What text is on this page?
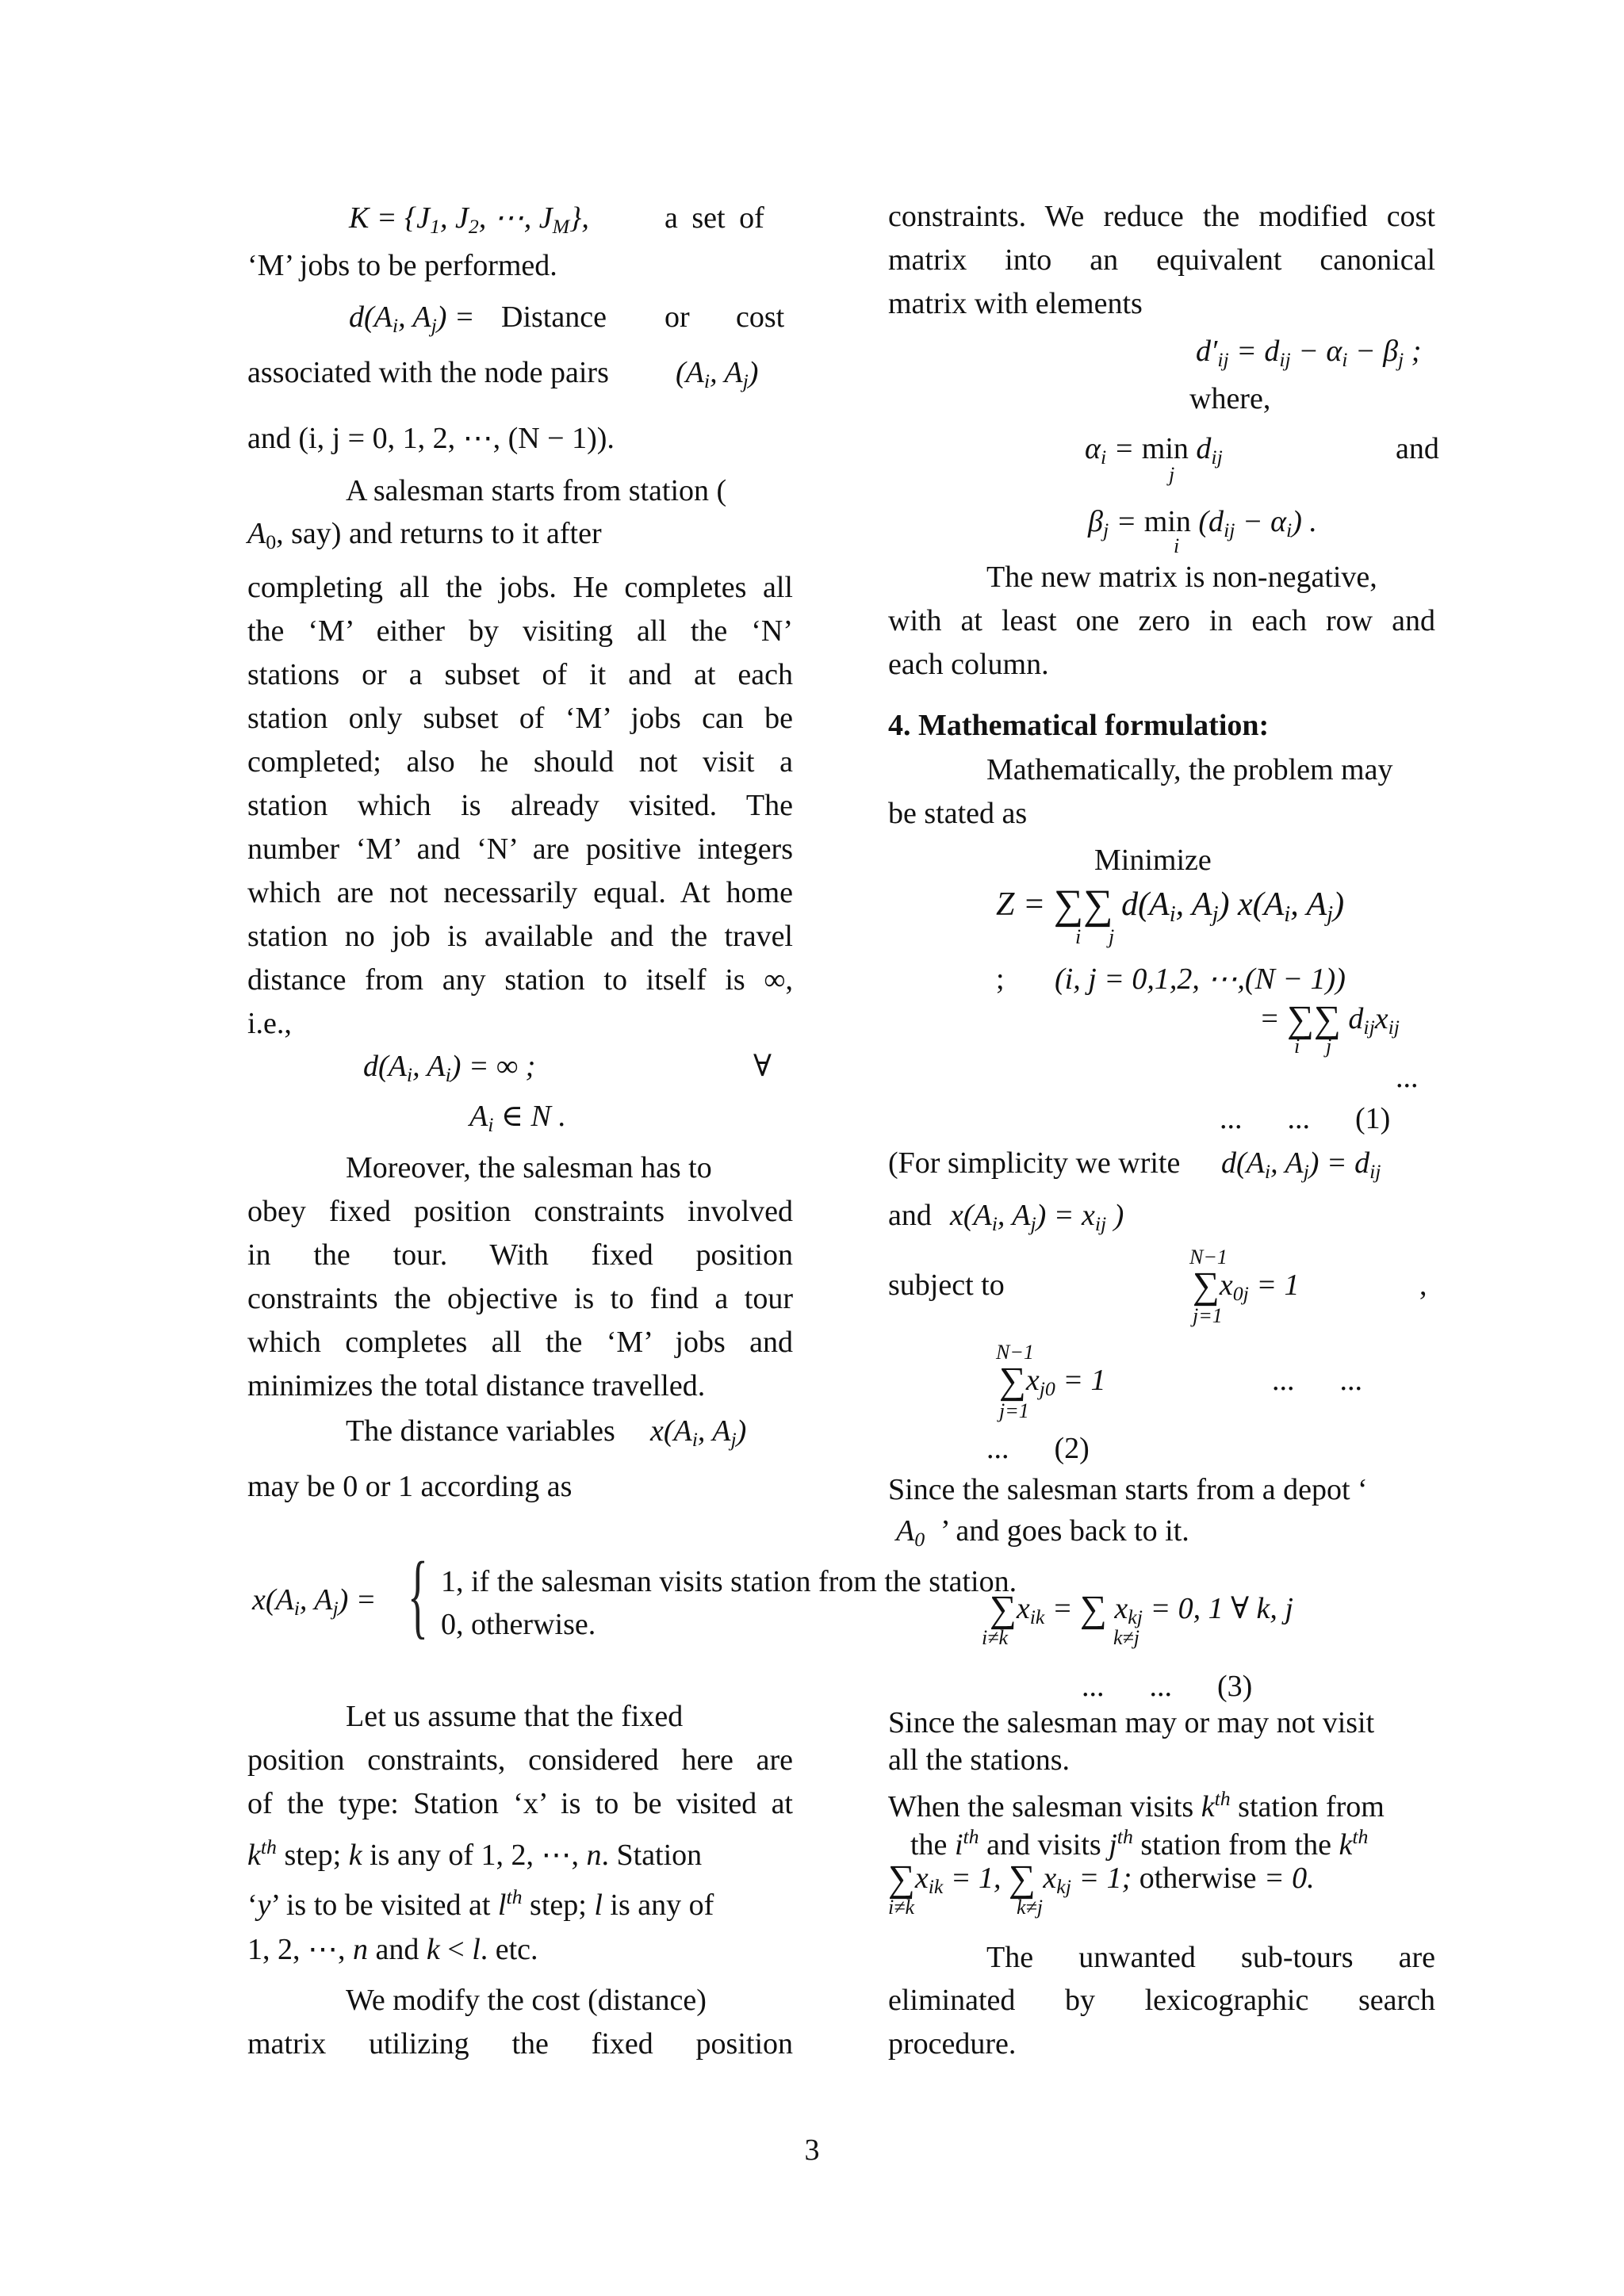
$K = \{J_1$, $J_2$, ⋯, $J_M$},	a set of
‘M’ jobs to be performed.
$d(A_i$, $A_j$) = Distance or cost
associated with the node pairs ($A_i$, $A_j$)
and (i, j = 0, 1, 2, ⋯, (N − 1)).
A salesman starts from station (
$A_0$, say) and returns to it after
completing all the jobs. He completes all
the ‘M’ either by visiting all the ‘N’
stations or a subset of it and at each
station only subset of ‘M’ jobs can be
completed; also he should not visit a
station which is already visited. The
number ‘M’ and ‘N’ are positive integers
which are not necessarily equal. At home
station no job is available and the travel
distance from any station to itself is ∞,
i.e.,
$d(A_i$, $A_i$) = ∞ ;	∀
$A_i$ ∈ N .
Moreover, the salesman has to
obey fixed position constraints involved
in the tour. With fixed position
constraints the objective is to find a tour
which completes all the ‘M’ jobs and
minimizes the total distance travelled.
The distance variables $x(A_i$, $A_j$)
may be 0 or 1 according as
$x(A_i$, $A_j$) = { 1, if the salesman visits station from the station.
0, otherwise.
Let us assume that the fixed
position constraints, considered here are
of the type: Station ‘x’ is to be visited at
$k^{th}$ step; k is any of 1, 2, ⋯, n. Station
‘y’ is to be visited at $l^{th}$ step; l is any of
1, 2, ⋯, n and k < l. etc.
We modify the cost (distance)
matrix utilizing the fixed position
constraints. We reduce the modified cost
matrix into an equivalent canonical
matrix with elements
$d'_{ij} = d_{ij} - \alpha_i - \beta_j$ ;
where,
$\alpha_i = \min d_{ij}$
j
and
$\beta_j = \min (d_{ij} - \alpha_i)$ .
i
The new matrix is non-negative,
with at least one zero in each row and
each column.
4. Mathematical formulation:
Mathematically, the problem may
be stated as
Minimize
Z = ∑∑ $d(A_i$, $A_j$) $x(A_i$, $A_j$)
i j
; (i, j = 0,1,2, ⋯,(N − 1))
= ∑∑ $d_{ij}x_{ij}$
i j
...
...      ...      (1)
(For simplicity we write $d(A_i$, $A_j) = d_{ij}$
and $x(A_i$, $A_j) = x_{ij}$ )
N−1
subject to	$\sum x_{0j} = 1$
j=1
,
N−1
$\sum x_{j0} = 1$
j=1
...      ...
...      (2)
Since the salesman starts from a depot ‘
$A_0$ ’ and goes back to it.
$\sum x_{ik}$ = ∑ $x_{kj} = 0$, 1 ∀ k, j
i≠k	k≠j
...      ...      (3)
Since the salesman may or may not visit
all the stations.
When the salesman visits $k^{th}$ station from
the $i^{th}$ and visits $j^{th}$ station from the $k^{th}$
$\sum x_{ik} = 1$, ∑ $x_{kj} = 1$; otherwise = 0.
i≠k	k≠j
The unwanted sub-tours are
eliminated by lexicographic search
procedure.
3
